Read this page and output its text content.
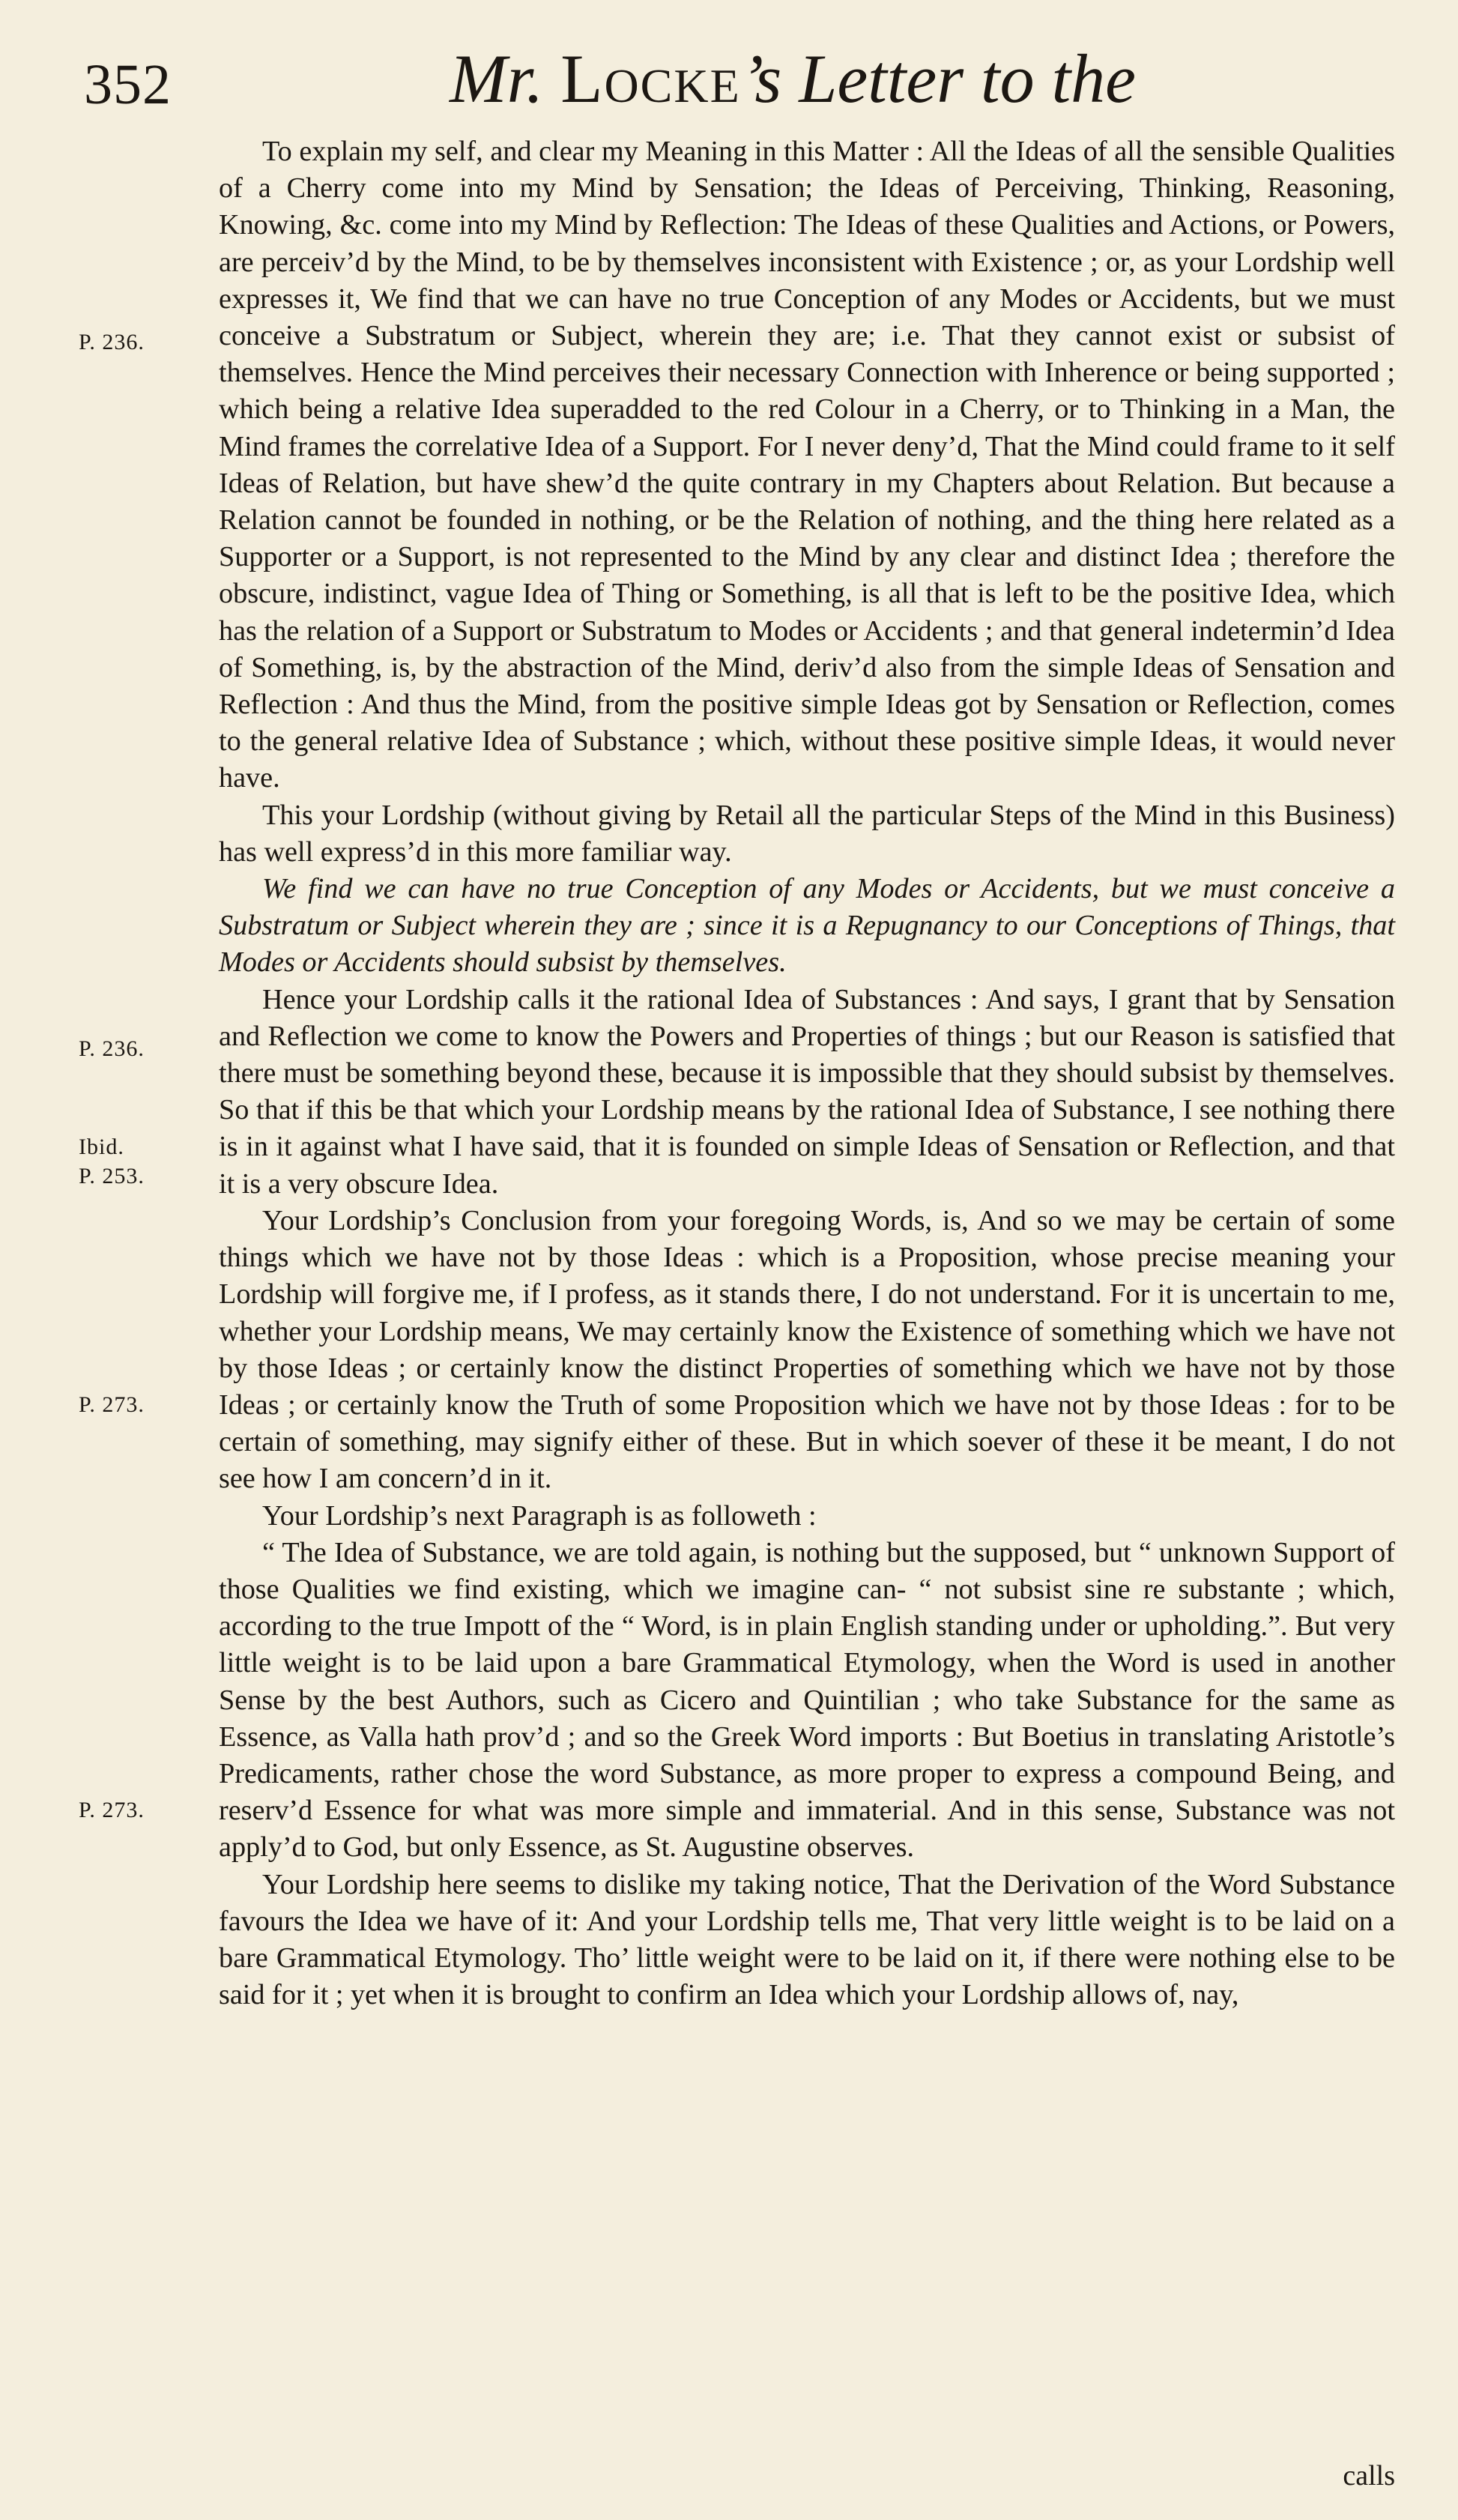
352	Mr. Locke’s Letter to the
P. 236.
P. 236.
Ibid.
P. 253.
P. 273.
P. 273.

To explain my self, and clear my Meaning in this Matter : All the Ideas of all the sensible Qualities of a Cherry come into my Mind by Sensation; the Ideas of Perceiving, Thinking, Reasoning, Knowing, &c. come into my Mind by Reflection: The Ideas of these Qualities and Actions, or Powers, are perceiv’d by the Mind, to be by themselves inconsistent with Existence ; or, as your Lordship well expresses it, We find that we can have no true Conception of any Modes or Accidents, but we must conceive a Substratum or Subject, wherein they are; i.e. That they cannot exist or subsist of themselves. Hence the Mind perceives their necessary Connection with Inherence or being supported ; which being a relative Idea superadded to the red Colour in a Cherry, or to Thinking in a Man, the Mind frames the correlative Idea of a Support. For I never deny’d, That the Mind could frame to it self Ideas of Relation, but have shew’d the quite contrary in my Chapters about Relation. But because a Relation cannot be founded in nothing, or be the Relation of nothing, and the thing here related as a Supporter or a Support, is not represented to the Mind by any clear and distinct Idea ; therefore the obscure, indistinct, vague Idea of Thing or Something, is all that is left to be the positive Idea, which has the relation of a Support or Substratum to Modes or Accidents ; and that general indetermin’d Idea of Something, is, by the abstraction of the Mind, deriv’d also from the simple Ideas of Sensation and Reflection : And thus the Mind, from the positive simple Ideas got by Sensation or Reflection, comes to the general relative Idea of Substance ; which, without these positive simple Ideas, it would never have.

This your Lordship (without giving by Retail all the particular Steps of the Mind in this Business) has well express’d in this more familiar way.

We find we can have no true Conception of any Modes or Accidents, but we must conceive a Substratum or Subject wherein they are ; since it is a Repugnancy to our Conceptions of Things, that Modes or Accidents should subsist by themselves.

Hence your Lordship calls it the rational Idea of Substances : And says, I grant that by Sensation and Reflection we come to know the Powers and Properties of things ; but our Reason is satisfied that there must be something beyond these, because it is impossible that they should subsist by themselves. So that if this be that which your Lordship means by the rational Idea of Substance, I see nothing there is in it against what I have said, that it is founded on simple Ideas of Sensation or Reflection, and that it is a very obscure Idea.

Your Lordship’s Conclusion from your foregoing Words, is, And so we may be certain of some things which we have not by those Ideas : which is a Proposition, whose precise meaning your Lordship will forgive me, if I profess, as it stands there, I do not understand. For it is uncertain to me, whether your Lordship means, We may certainly know the Existence of something which we have not by those Ideas ; or certainly know the distinct Properties of something which we have not by those Ideas ; or certainly know the Truth of some Proposition which we have not by those Ideas : for to be certain of something, may signify either of these. But in which soever of these it be meant, I do not see how I am concern’d in it.

Your Lordship’s next Paragraph is as followeth :

“ The Idea of Substance, we are told again, is nothing but the supposed, but “ unknown Support of those Qualities we find existing, which we imagine can- “ not subsist sine re substante ; which, according to the true Impott of the “ Word, is in plain English standing under or upholding.”. But very little weight is to be laid upon a bare Grammatical Etymology, when the Word is used in another Sense by the best Authors, such as Cicero and Quintilian ; who take Substance for the same as Essence, as Valla hath prov’d ; and so the Greek Word imports : But Boetius in translating Aristotle’s Predicaments, rather chose the word Substance, as more proper to express a compound Being, and reserv’d Essence for what was more simple and immaterial. And in this sense, Substance was not apply’d to God, but only Essence, as St. Augustine observes.

Your Lordship here seems to dislike my taking notice, That the Derivation of the Word Substance favours the Idea we have of it: And your Lordship tells me, That very little weight is to be laid on a bare Grammatical Etymology. Tho’ little weight were to be laid on it, if there were nothing else to be said for it ; yet when it is brought to confirm an Idea which your Lordship allows of, nay,

calls
